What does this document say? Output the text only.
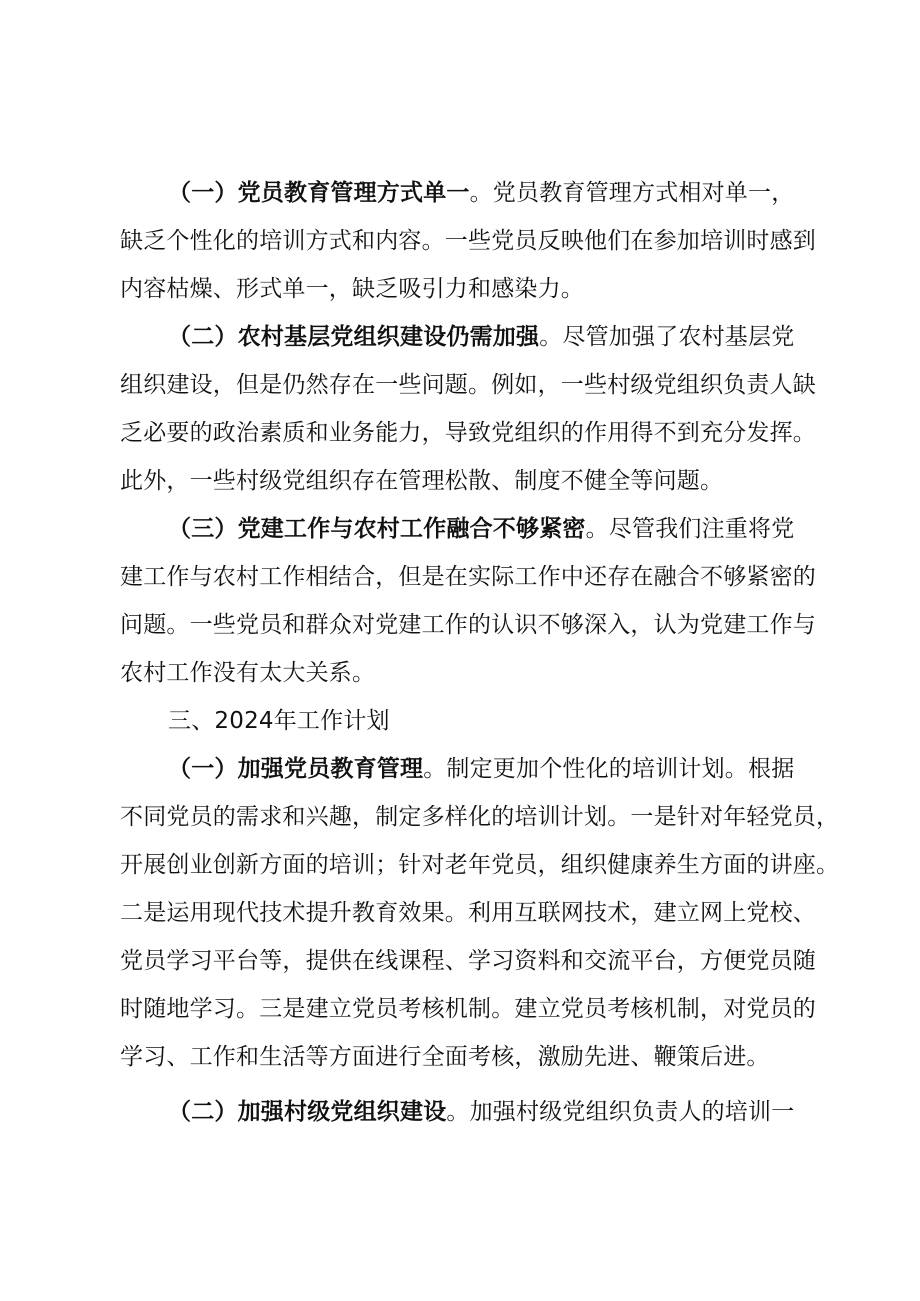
（一）党员教育管理方式单一。党员教育管理方式相对单一，
缺乏个性化的培训方式和内容。一些党员反映他们在参加培训时感到
内容枯燥、形式单一，缺乏吸引力和感染力。
（二）农村基层党组织建设仍需加强。尽管加强了农村基层党
组织建设，但是仍然存在一些问题。例如，一些村级党组织负责人缺
乏必要的政治素质和业务能力，导致党组织的作用得不到充分发挥。
此外，一些村级党组织存在管理松散、制度不健全等问题。
（三）党建工作与农村工作融合不够紧密。尽管我们注重将党
建工作与农村工作相结合，但是在实际工作中还存在融合不够紧密的
问题。一些党员和群众对党建工作的认识不够深入，认为党建工作与
农村工作没有太大关系。
三、2024年工作计划
（一）加强党员教育管理。制定更加个性化的培训计划。根据
不同党员的需求和兴趣，制定多样化的培训计划。一是针对年轻党员，
开展创业创新方面的培训；针对老年党员，组织健康养生方面的讲座。
二是运用现代技术提升教育效果。利用互联网技术，建立网上党校、
党员学习平台等，提供在线课程、学习资料和交流平台，方便党员随
时随地学习。三是建立党员考核机制。建立党员考核机制，对党员的
学习、工作和生活等方面进行全面考核，激励先进、鞭策后进。
（二）加强村级党组织建设。加强村级党组织负责人的培训一
